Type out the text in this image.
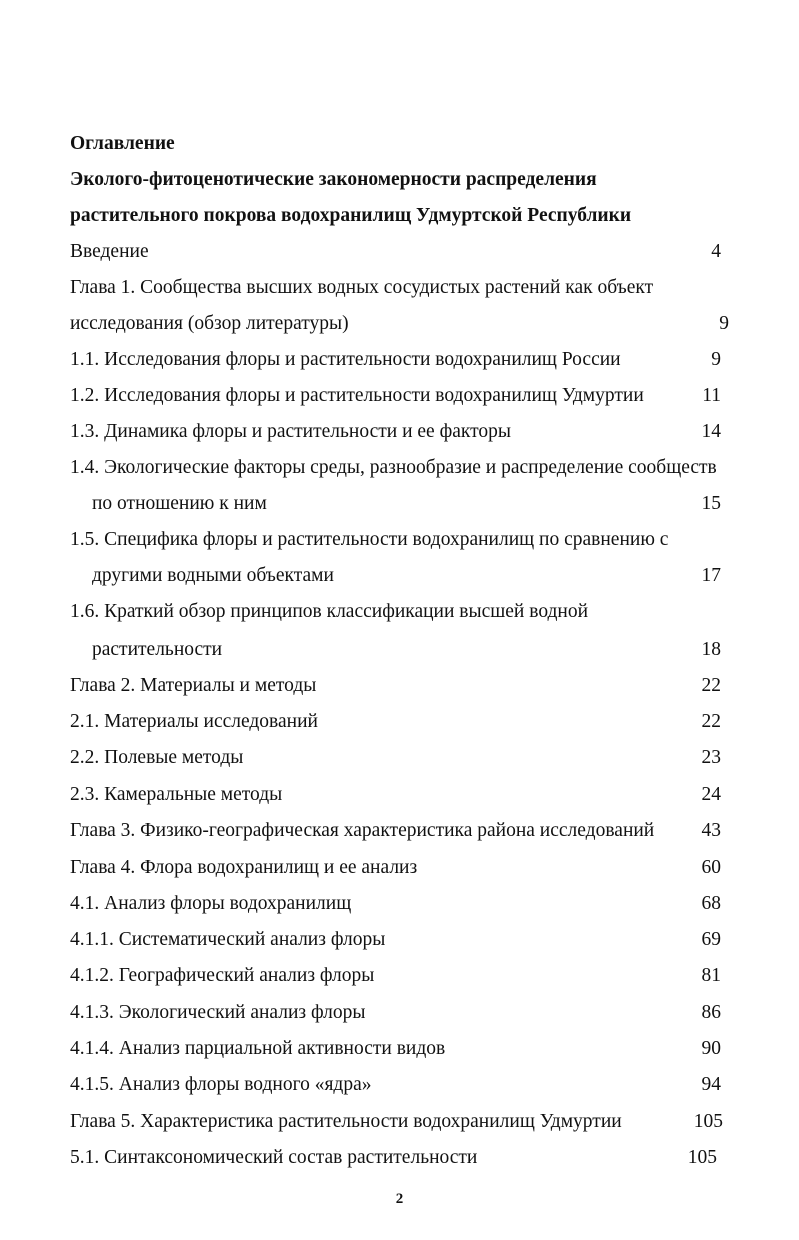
Оглавление
Эколого-фитоценотические закономерности распределения
растительного покрова водохранилищ Удмуртской Республики
Введение	4
Глава 1. Сообщества высших водных сосудистых растений как объект
исследования (обзор литературы)	9
1.1. Исследования флоры и растительности водохранилищ России	9
1.2. Исследования флоры и растительности водохранилищ Удмуртии	11
1.3. Динамика флоры и растительности и ее факторы	14
1.4. Экологические факторы среды, разнообразие и распределение сообществ
по отношению к ним	15
1.5. Специфика флоры и растительности водохранилищ по сравнению с
другими водными объектами	17
1.6. Краткий обзор принципов классификации высшей водной
растительности	18
Глава 2. Материалы и методы	22
2.1. Материалы исследований	22
2.2. Полевые методы	23
2.3. Камеральные методы	24
Глава 3. Физико-географическая характеристика района исследований 43
Глава 4. Флора водохранилищ и ее анализ	60
4.1. Анализ флоры водохранилищ	68
4.1.1. Систематический анализ флоры	69
4.1.2. Географический анализ флоры	81
4.1.3. Экологический анализ флоры	86
4.1.4. Анализ парциальной активности видов	90
4.1.5. Анализ флоры водного «ядра»	94
Глава 5. Характеристика растительности водохранилищ Удмуртии	105
5.1. Синтаксономический состав растительности	105
2
